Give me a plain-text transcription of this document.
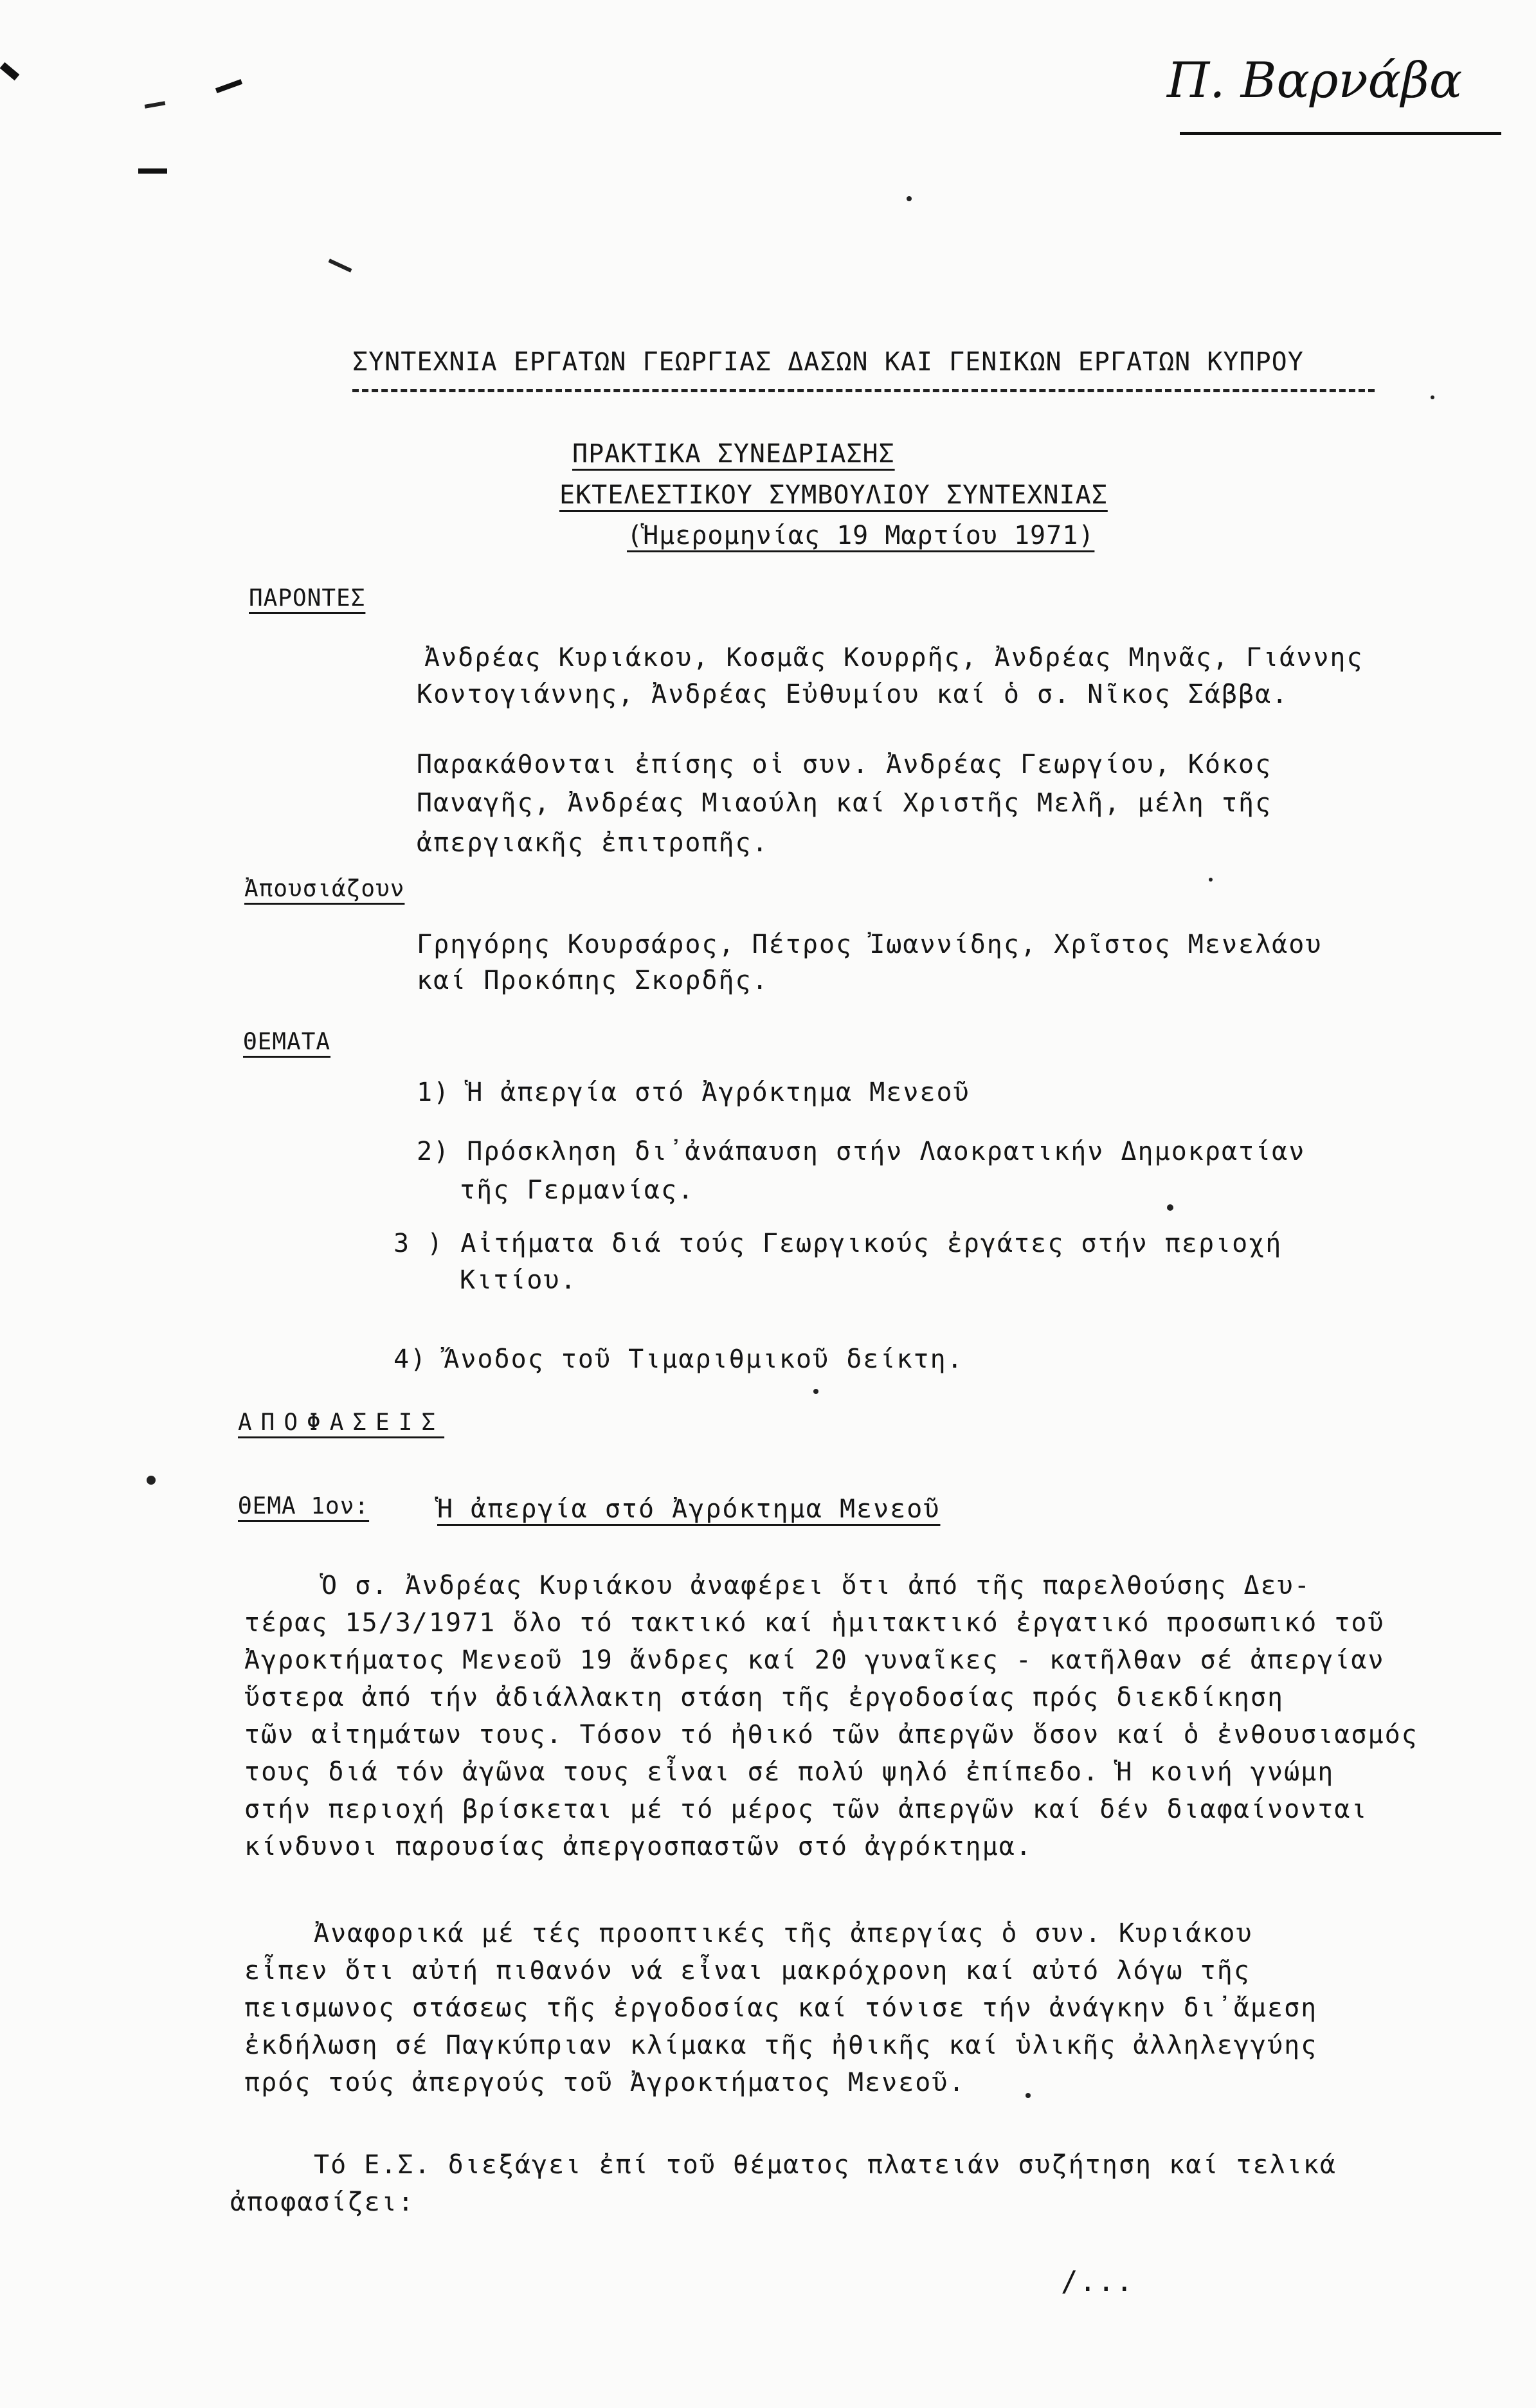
Π. Βαρνάβα
ΣΥΝΤΕΧΝΙΑ ΕΡΓΑΤΩΝ ΓΕΩΡΓΙΑΣ ΔΑΣΩΝ ΚΑΙ ΓΕΝΙΚΩΝ ΕΡΓΑΤΩΝ ΚΥΠΡΟΥ
ΠΡΑΚΤΙΚΑ ΣΥΝΕΔΡΙΑΣΗΣ
ΕΚΤΕΛΕΣΤΙΚΟΥ ΣΥΜΒΟΥΛΙΟΥ ΣΥΝΤΕΧΝΙΑΣ
(Ἡμερομηνίας 19 Μαρτίου 1971)
ΠΑΡΟΝΤΕΣ
Ἀνδρέας Κυριάκου, Κοσμᾶς Κουρρῆς, Ἀνδρέας Μηνᾶς, Γιάννης
Κοντογιάννης, Ἀνδρέας Εὐθυμίου καί ὁ σ. Νῖκος Σάββα.
Παρακάθονται ἐπίσης οἱ συν. Ἀνδρέας Γεωργίου, Κόκος
Παναγῆς, Ἀνδρέας Μιαούλη καί Χριστῆς Μελῆ, μέλη τῆς
ἀπεργιακῆς ἐπιτροπῆς.
Ἀπουσιάζουν
Γρηγόρης Κουρσάρος, Πέτρος Ἰωαννίδης, Χρῖστος Μενελάου
καί Προκόπης Σκορδῆς.
ΘΕΜΑΤΑ
1) Ἡ ἀπεργία στό Ἀγρόκτημα Μενεοῦ
2) Πρόσκληση δι᾽ἀνάπαυση στήν Λαοκρατικήν Δημοκρατίαν
τῆς Γερμανίας.
3 ) Αἰτήματα διά τούς Γεωργικούς ἐργάτες στήν περιοχή
Κιτίου.
4) Ἄνοδος τοῦ Τιμαριθμικοῦ δείκτη.
ΑΠΟΦΑΣΕΙΣ
ΘΕΜΑ 1ον:	Ἡ ἀπεργία στό Ἀγρόκτημα Μενεοῦ
Ὁ σ. Ἀνδρέας Κυριάκου ἀναφέρει ὅτι ἀπό τῆς παρελθούσης Δευ-
τέρας 15/3/1971 ὅλο τό τακτικό καί ἡμιτακτικό ἐργατικό προσωπικό τοῦ
Ἀγροκτήματος Μενεοῦ 19 ἄνδρες καί 20 γυναῖκες - κατῆλθαν σέ ἀπεργίαν
ὕστερα ἀπό τήν ἀδιάλλακτη στάση τῆς ἐργοδοσίας πρός διεκδίκηση
τῶν αἰτημάτων τους. Τόσον τό ἠθικό τῶν ἀπεργῶν ὅσον καί ὁ ἐνθουσιασμός
τους διά τόν ἀγῶνα τους εἶναι σέ πολύ ψηλό ἐπίπεδο. Ἡ κοινή γνώμη
στήν περιοχή βρίσκεται μέ τό μέρος τῶν ἀπεργῶν καί δέν διαφαίνονται
κίνδυνοι παρουσίας ἀπεργοσπαστῶν στό ἀγρόκτημα.
Ἀναφορικά μέ τές προοπτικές τῆς ἀπεργίας ὁ συν. Κυριάκου
εἶπεν ὅτι αὐτή πιθανόν νά εἶναι μακρόχρονη καί αὐτό λόγω τῆς
πεισμωνος στάσεως τῆς ἐργοδοσίας καί τόνισε τήν ἀνάγκην δι᾽ἄμεση
ἐκδήλωση σέ Παγκύπριαν κλίμακα τῆς ἠθικῆς καί ὑλικῆς ἀλληλεγγύης
πρός τούς ἀπεργούς τοῦ Ἀγροκτήματος Μενεοῦ.
Τό Ε.Σ. διεξάγει ἐπί τοῦ θέματος πλατειάν συζήτηση καί τελικά
ἀποφασίζει:
/...
